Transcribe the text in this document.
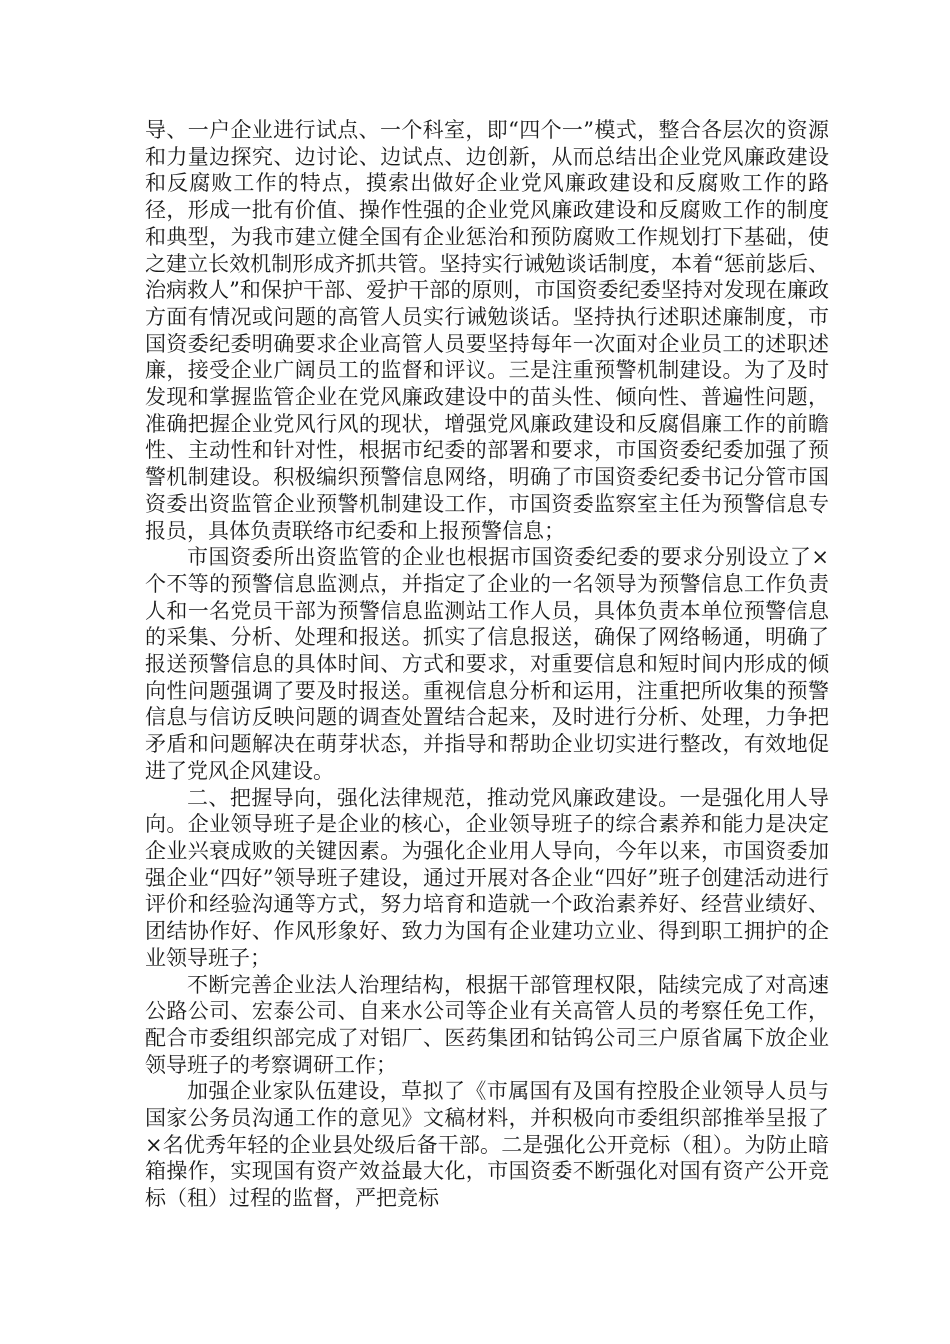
导、一户企业进行试点、一个科室，即“四个一”模式，整合各层次的资源和力量边探究、边讨论、边试点、边创新，从而总结出企业党风廉政建设和反腐败工作的特点，摸索出做好企业党风廉政建设和反腐败工作的路径，形成一批有价值、操作性强的企业党风廉政建设和反腐败工作的制度和典型，为我市建立健全国有企业惩治和预防腐败工作规划打下基础，使之建立长效机制形成齐抓共管。坚持实行诫勉谈话制度，本着“惩前毖后、治病救人”和保护干部、爱护干部的原则，市国资委纪委坚持对发现在廉政方面有情况或问题的高管人员实行诫勉谈话。坚持执行述职述廉制度，市国资委纪委明确要求企业高管人员要坚持每年一次面对企业员工的述职述廉，接受企业广阔员工的监督和评议。三是注重预警机制建设。为了及时发现和掌握监管企业在党风廉政建设中的苗头性、倾向性、普遍性问题，准确把握企业党风行风的现状，增强党风廉政建设和反腐倡廉工作的前瞻性、主动性和针对性，根据市纪委的部署和要求，市国资委纪委加强了预警机制建设。积极编织预警信息网络，明确了市国资委纪委书记分管市国资委出资监管企业预警机制建设工作，市国资委监察室主任为预警信息专报员，具体负责联络市纪委和上报预警信息；

市国资委所出资监管的企业也根据市国资委纪委的要求分别设立了×个不等的预警信息监测点，并指定了企业的一名领导为预警信息工作负责人和一名党员干部为预警信息监测站工作人员，具体负责本单位预警信息的采集、分析、处理和报送。抓实了信息报送，确保了网络畅通，明确了报送预警信息的具体时间、方式和要求，对重要信息和短时间内形成的倾向性问题强调了要及时报送。重视信息分析和运用，注重把所收集的预警信息与信访反映问题的调查处置结合起来，及时进行分析、处理，力争把矛盾和问题解决在萌芽状态，并指导和帮助企业切实进行整改，有效地促进了党风企风建设。

二、把握导向，强化法律规范，推动党风廉政建设。一是强化用人导向。企业领导班子是企业的核心，企业领导班子的综合素养和能力是决定企业兴衰成败的关键因素。为强化企业用人导向，今年以来，市国资委加强企业“四好”领导班子建设，通过开展对各企业“四好”班子创建活动进行评价和经验沟通等方式，努力培育和造就一个政治素养好、经营业绩好、团结协作好、作风形象好、致力为国有企业建功立业、得到职工拥护的企业领导班子；

不断完善企业法人治理结构，根据干部管理权限，陆续完成了对高速公路公司、宏泰公司、自来水公司等企业有关高管人员的考察任免工作，配合市委组织部完成了对铝厂、医药集团和钴钨公司三户原省属下放企业领导班子的考察调研工作；

加强企业家队伍建设，草拟了《市属国有及国有控股企业领导人员与国家公务员沟通工作的意见》文稿材料，并积极向市委组织部推举呈报了×名优秀年轻的企业县处级后备干部。二是强化公开竞标（租）。为防止暗箱操作，实现国有资产效益最大化，市国资委不断强化对国有资产公开竞标（租）过程的监督，严把竞标
